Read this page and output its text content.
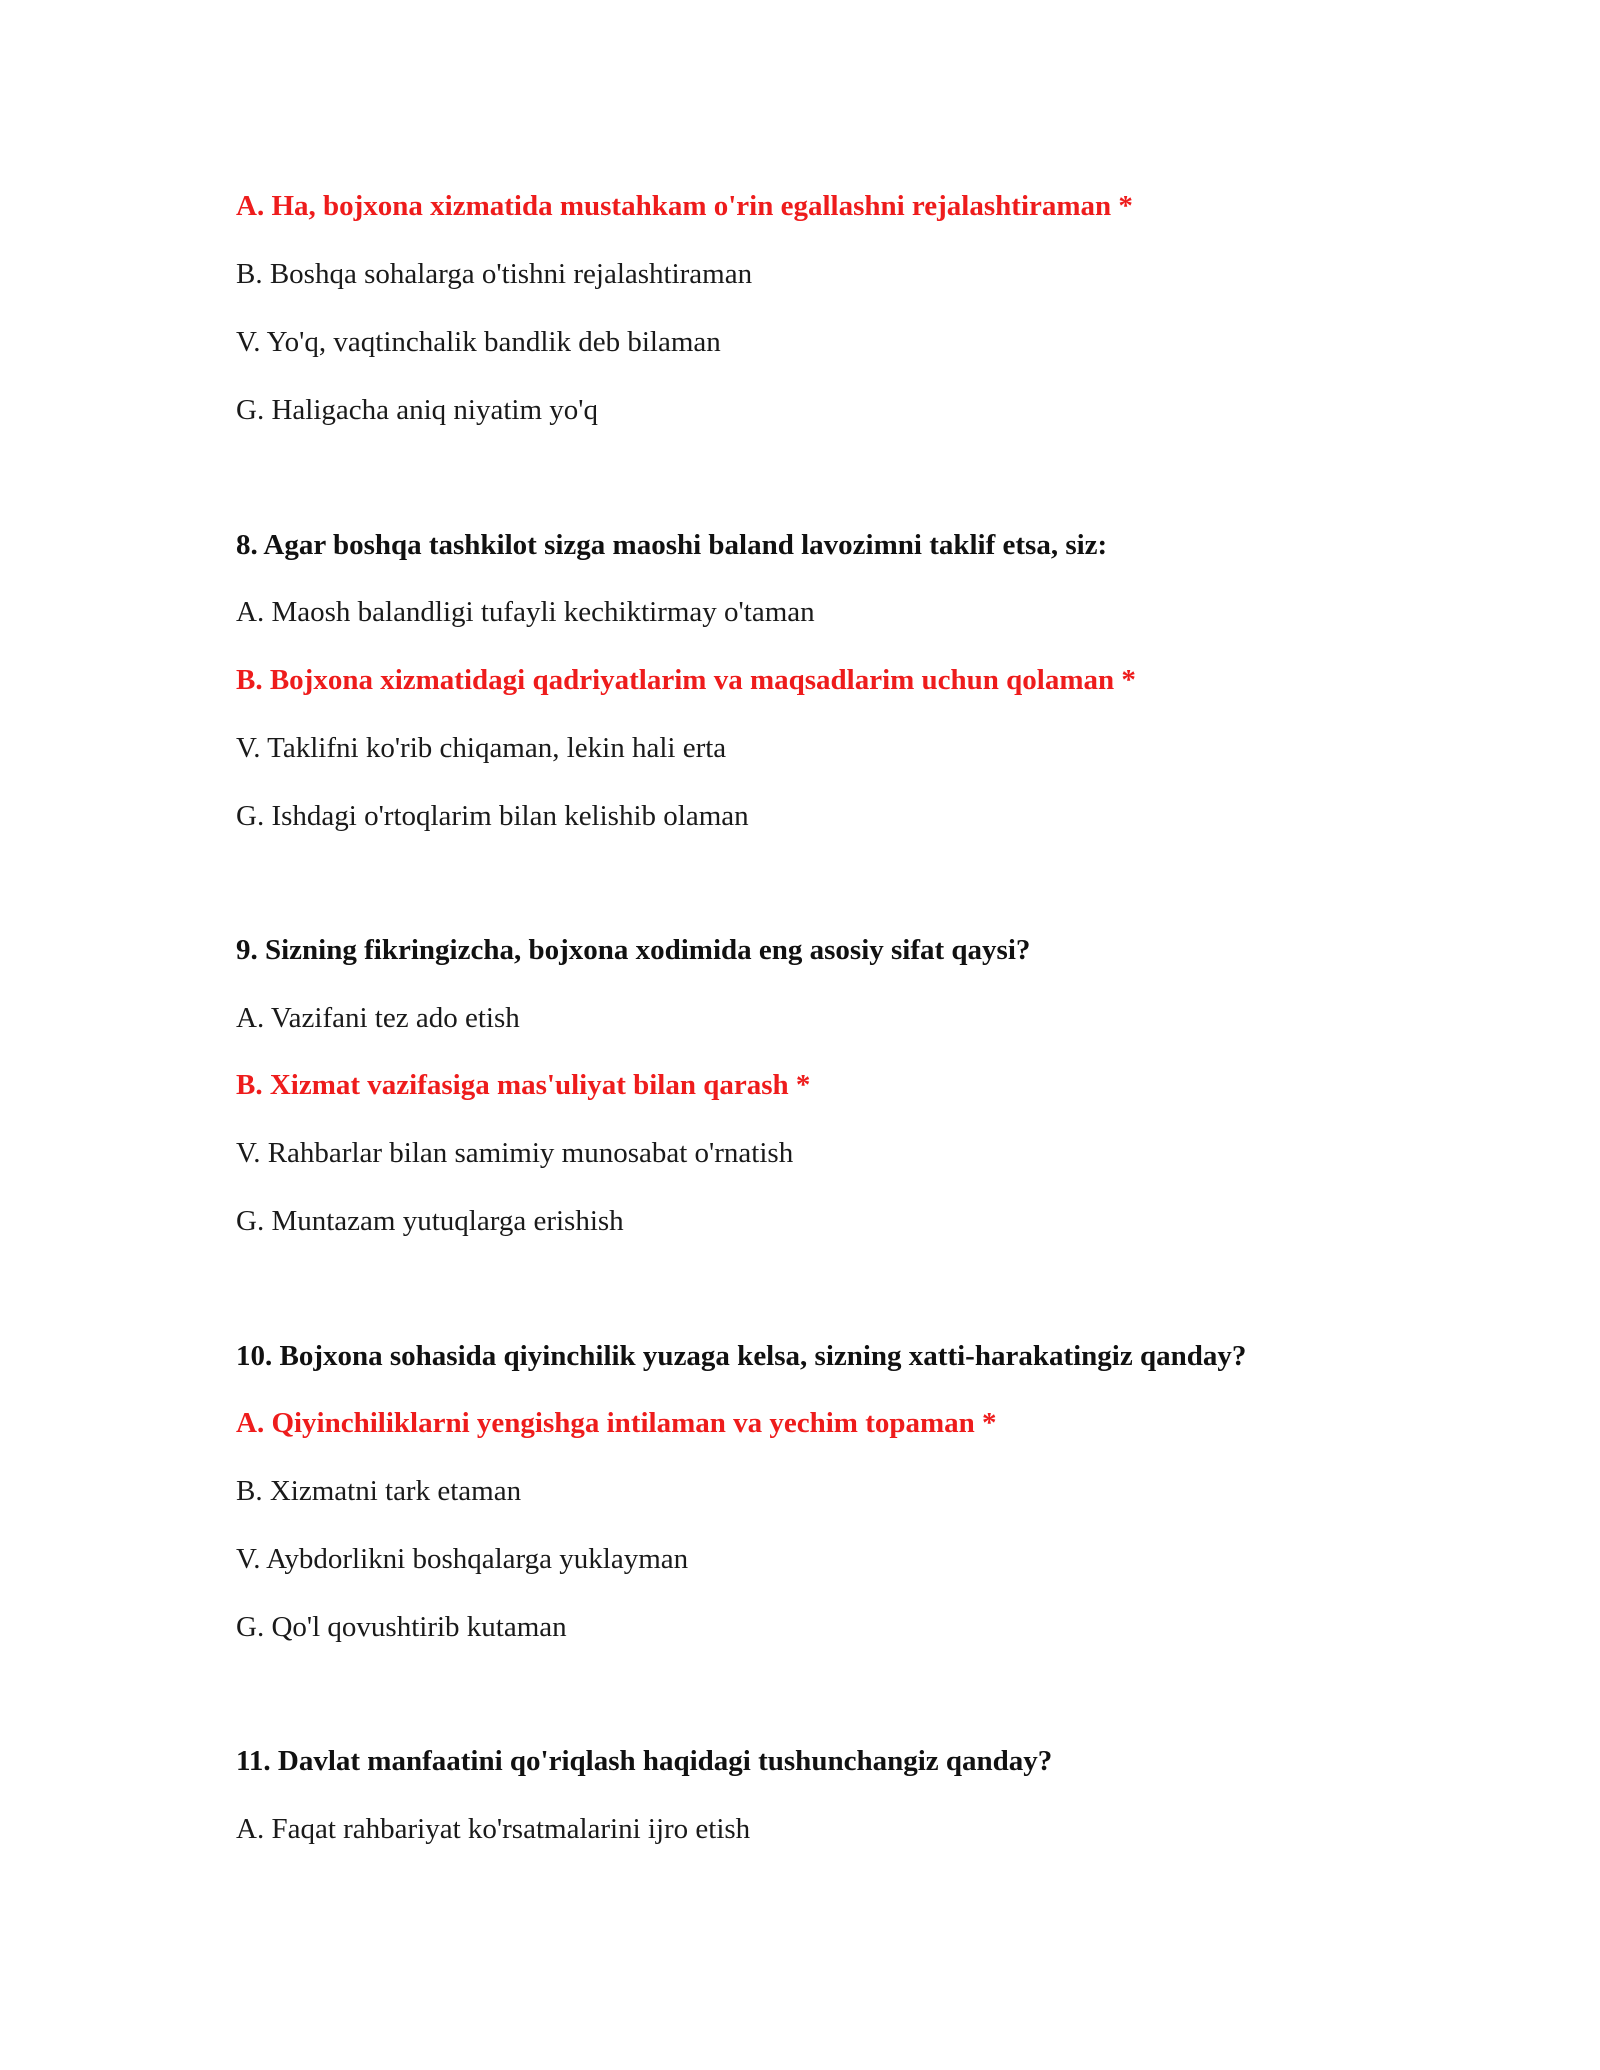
A. Ha, bojxona xizmatida mustahkam o'rin egallashni rejalashtiraman *
B. Boshqa sohalarga o'tishni rejalashtiraman
V. Yo'q, vaqtinchalik bandlik deb bilaman
G. Haligacha aniq niyatim yo'q
8. Agar boshqa tashkilot sizga maoshi baland lavozimni taklif etsa, siz:
A. Maosh balandligi tufayli kechiktirmay o'taman
B. Bojxona xizmatidagi qadriyatlarim va maqsadlarim uchun qolaman *
V. Taklifni ko'rib chiqaman, lekin hali erta
G. Ishdagi o'rtoqlarim bilan kelishib olaman
9. Sizning fikringizcha, bojxona xodimida eng asosiy sifat qaysi?
A. Vazifani tez ado etish
B. Xizmat vazifasiga mas'uliyat bilan qarash *
V. Rahbarlar bilan samimiy munosabat o'rnatish
G. Muntazam yutuqlarga erishish
10. Bojxona sohasida qiyinchilik yuzaga kelsa, sizning xatti-harakatingiz qanday?
A. Qiyinchiliklarni yengishga intilaman va yechim topaman *
B. Xizmatni tark etaman
V. Aybdorlikni boshqalarga yuklayman
G. Qo'l qovushtirib kutaman
11. Davlat manfaatini qo'riqlash haqidagi tushunchangiz qanday?
A. Faqat rahbariyat ko'rsatmalarini ijro etish
